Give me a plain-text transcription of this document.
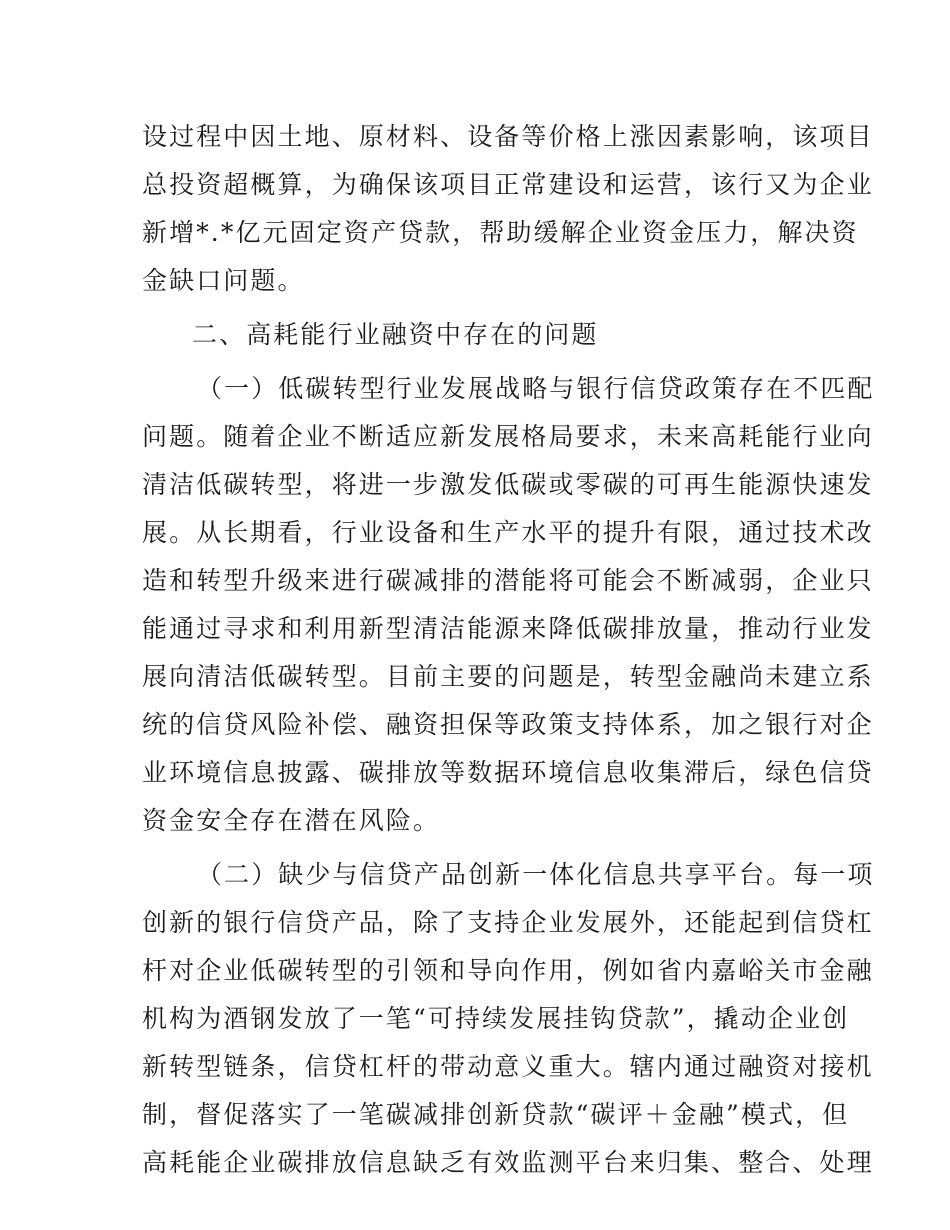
设过程中因土地、原材料、设备等价格上涨因素影响，该项目
总投资超概算，为确保该项目正常建设和运营，该行又为企业
新增*.*亿元固定资产贷款，帮助缓解企业资金压力，解决资
金缺口问题。
二、高耗能行业融资中存在的问题
（一）低碳转型行业发展战略与银行信贷政策存在不匹配
问题。随着企业不断适应新发展格局要求，未来高耗能行业向
清洁低碳转型，将进一步激发低碳或零碳的可再生能源快速发
展。从长期看，行业设备和生产水平的提升有限，通过技术改
造和转型升级来进行碳减排的潜能将可能会不断减弱，企业只
能通过寻求和利用新型清洁能源来降低碳排放量，推动行业发
展向清洁低碳转型。目前主要的问题是，转型金融尚未建立系
统的信贷风险补偿、融资担保等政策支持体系，加之银行对企
业环境信息披露、碳排放等数据环境信息收集滞后，绿色信贷
资金安全存在潜在风险。
（二）缺少与信贷产品创新一体化信息共享平台。每一项
创新的银行信贷产品，除了支持企业发展外，还能起到信贷杠
杆对企业低碳转型的引领和导向作用，例如省内嘉峪关市金融
机构为酒钢发放了一笔“可持续发展挂钩贷款”，撬动企业创
新转型链条，信贷杠杆的带动意义重大。辖内通过融资对接机
制，督促落实了一笔碳减排创新贷款“碳评＋金融”模式，但
高耗能企业碳排放信息缺乏有效监测平台来归集、整合、处理
